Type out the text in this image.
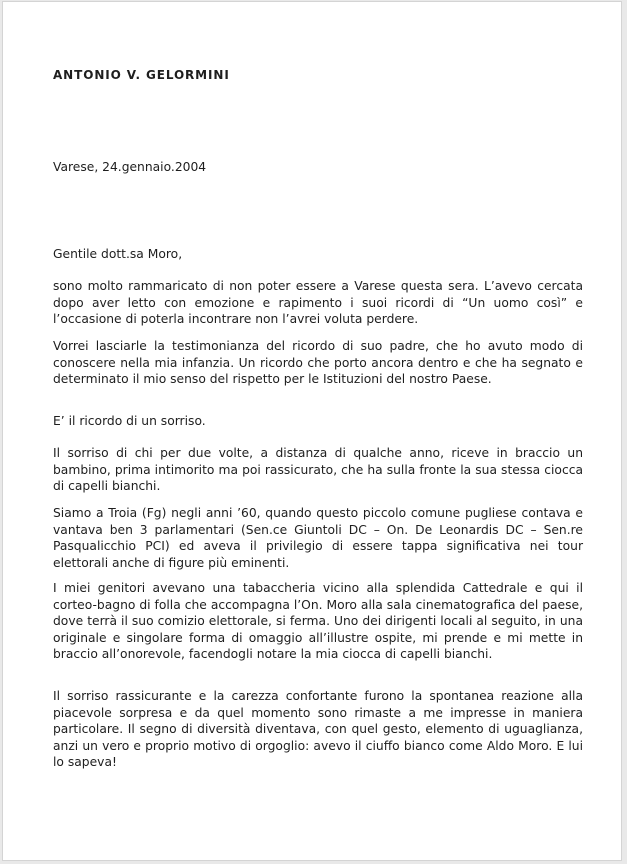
ANTONIO V. GELORMINI

Varese, 24.gennaio.2004

Gentile dott.sa Moro,

sono molto rammaricato di non poter essere a Varese questa sera. L’avevo cercata dopo aver letto con emozione e rapimento i suoi ricordi di “Un uomo così” e l’occasione di poterla incontrare non l’avrei voluta perdere.

Vorrei lasciarle la testimonianza del ricordo di suo padre, che ho avuto modo di conoscere nella mia infanzia. Un ricordo che porto ancora dentro e che ha segnato e determinato il mio senso del rispetto per le Istituzioni del nostro Paese.

E’ il ricordo di un sorriso.

Il sorriso di chi per due volte, a distanza di qualche anno, riceve in braccio un bambino, prima intimorito ma poi rassicurato, che ha sulla fronte la sua stessa ciocca di capelli bianchi.

Siamo a Troia (Fg) negli anni ’60, quando questo piccolo comune pugliese contava e vantava ben 3 parlamentari (Sen.ce Giuntoli DC – On. De Leonardis DC – Sen.re Pasqualicchio PCI) ed aveva il privilegio di essere tappa significativa nei tour elettorali anche di figure più eminenti.

I miei genitori avevano una tabaccheria vicino alla splendida Cattedrale e qui il corteo-bagno di folla che accompagna l’On. Moro alla sala cinematografica del paese, dove terrà il suo comizio elettorale, si ferma. Uno dei dirigenti locali al seguito, in una originale e singolare forma di omaggio all’illustre ospite, mi prende e mi mette in braccio all’onorevole, facendogli notare la mia ciocca di capelli bianchi.

Il sorriso rassicurante e la carezza confortante furono la spontanea reazione alla piacevole sorpresa e da quel momento sono rimaste a me impresse in maniera particolare. Il segno di diversità diventava, con quel gesto, elemento di uguaglianza, anzi un vero e proprio motivo di orgoglio: avevo il ciuffo bianco come Aldo Moro. E lui lo sapeva!
